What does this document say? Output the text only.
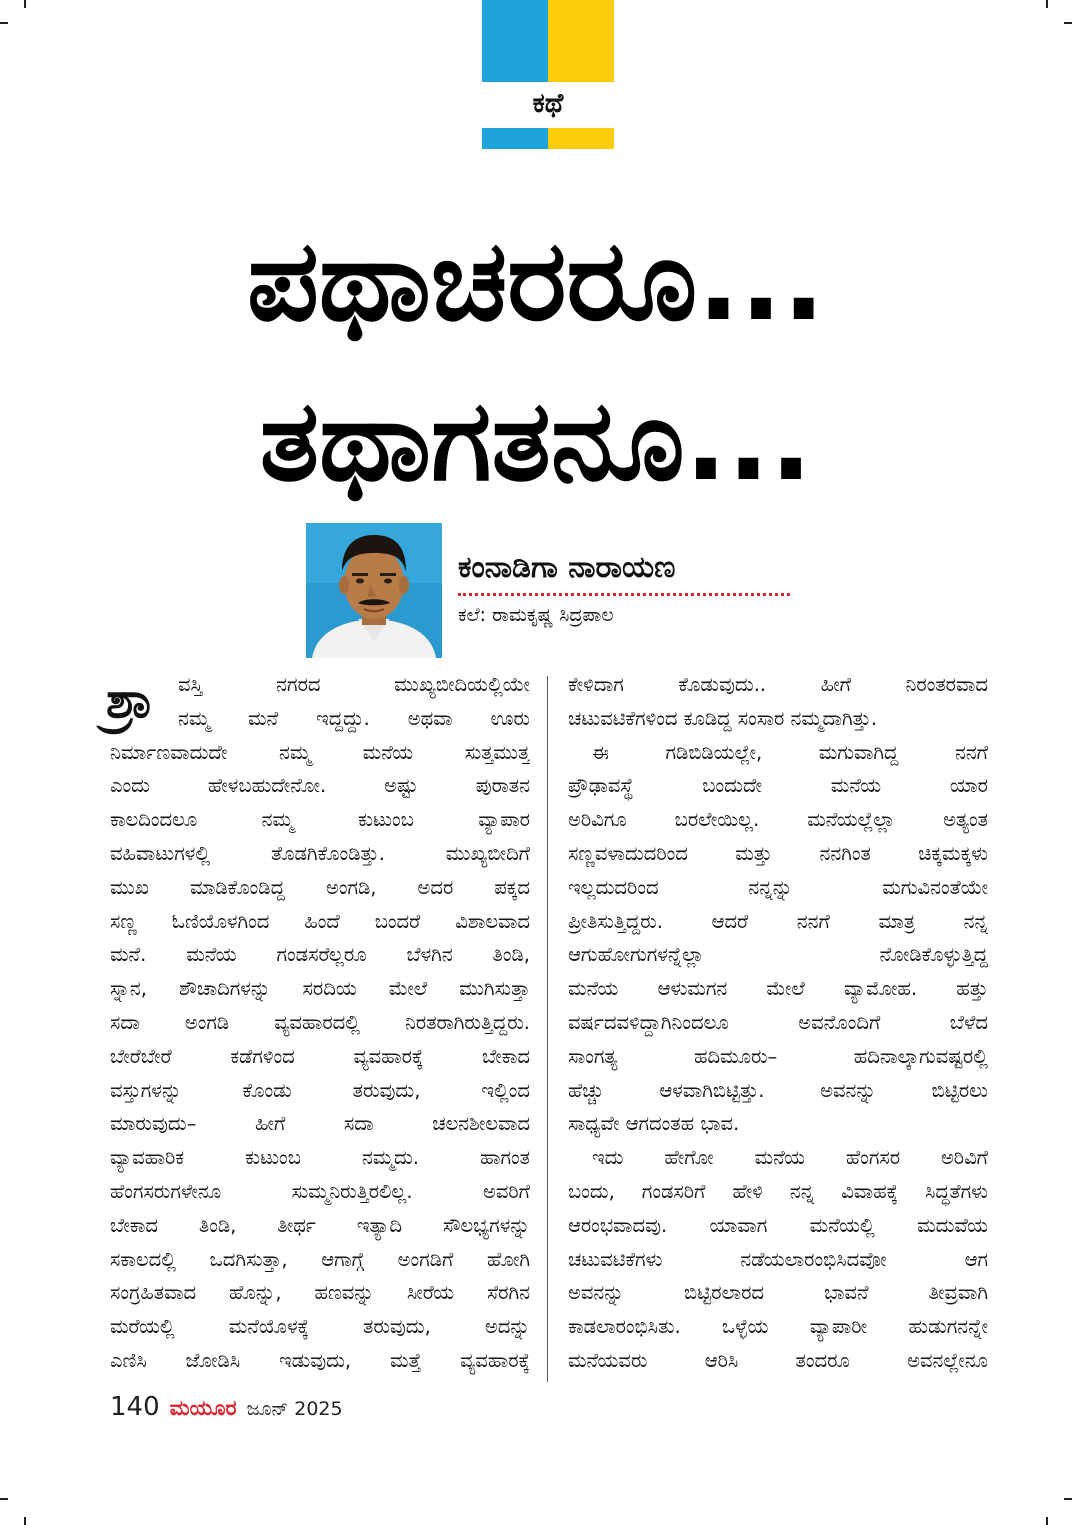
ಕಥೆ
ಪಥಾಚರರೂ...
ತಥಾಗತನೂ...
ಕಂನಾಡಿಗಾ ನಾರಾಯಣ
ಕಲೆ: ರಾಮಕೃಷ್ಣ ಸಿದ್ರಪಾಲ
ಶ್ರಾ	ವಸ್ತಿ ನಗರದ ಮುಖ್ಯಬೀದಿಯಲ್ಲಿಯೇ
ನಮ್ಮ ಮನೆ ಇದ್ದದ್ದು. ಅಥವಾ ಊರು
ನಿರ್ಮಾಣವಾದುದೇ ನಮ್ಮ ಮನೆಯ ಸುತ್ತಮುತ್ತ
ಎಂದು ಹೇಳಬಹುದೇನೋ. ಅಷ್ಟು ಪುರಾತನ
ಕಾಲದಿಂದಲೂ ನಮ್ಮ ಕುಟುಂಬ ವ್ಯಾಪಾರ
ವಹಿವಾಟುಗಳಲ್ಲಿ ತೊಡಗಿಕೊಂಡಿತ್ತು. ಮುಖ್ಯಬೀದಿಗೆ
ಮುಖ ಮಾಡಿಕೊಂಡಿದ್ದ ಅಂಗಡಿ, ಅದರ ಪಕ್ಕದ
ಸಣ್ಣ ಓಣಿಯೊಳಗಿಂದ ಹಿಂದೆ ಬಂದರೆ ವಿಶಾಲವಾದ
ಮನೆ. ಮನೆಯ ಗಂಡಸರೆಲ್ಲರೂ ಬೆಳಗಿನ ತಿಂಡಿ,
ಸ್ನಾನ, ಶೌಚಾದಿಗಳನ್ನು ಸರದಿಯ ಮೇಲೆ ಮುಗಿಸುತ್ತಾ
ಸದಾ ಅಂಗಡಿ ವ್ಯವಹಾರದಲ್ಲಿ ನಿರತರಾಗಿರುತ್ತಿದ್ದರು.
ಬೇರೆಬೇರೆ ಕಡೆಗಳಿಂದ ವ್ಯವಹಾರಕ್ಕೆ ಬೇಕಾದ
ವಸ್ತುಗಳನ್ನು ಕೊಂಡು ತರುವುದು, ಇಲ್ಲಿಂದ
ಮಾರುವುದು– ಹೀಗೆ ಸದಾ ಚಲನಶೀಲವಾದ
ವ್ಯಾವಹಾರಿಕ ಕುಟುಂಬ ನಮ್ಮದು. ಹಾಗಂತ
ಹೆಂಗಸರುಗಳೇನೂ ಸುಮ್ಮನಿರುತ್ತಿರಲಿಲ್ಲ. ಅವರಿಗೆ
ಬೇಕಾದ ತಿಂಡಿ, ತೀರ್ಥ ಇತ್ಯಾದಿ ಸೌಲಭ್ಯಗಳನ್ನು
ಸಕಾಲದಲ್ಲಿ ಒದಗಿಸುತ್ತಾ, ಆಗಾಗ್ಗೆ ಅಂಗಡಿಗೆ ಹೋಗಿ
ಸಂಗ್ರಹಿತವಾದ ಹೊನ್ನು, ಹಣವನ್ನು ಸೀರೆಯ ಸೆರಗಿನ
ಮರೆಯಲ್ಲಿ ಮನೆಯೊಳಕ್ಕೆ ತರುವುದು, ಅದನ್ನು
ಎಣಿಸಿ ಜೋಡಿಸಿ ಇಡುವುದು, ಮತ್ತೆ ವ್ಯವಹಾರಕ್ಕೆ
ಕೇಳಿದಾಗ ಕೊಡುವುದು.. ಹೀಗೆ ನಿರಂತರವಾದ
ಚಟುವಟಿಕೆಗಳಿಂದ ಕೂಡಿದ್ದ ಸಂಸಾರ ನಮ್ಮದಾಗಿತ್ತು.
ಈ ಗಡಿಬಿಡಿಯಲ್ಲೇ, ಮಗುವಾಗಿದ್ದ ನನಗೆ
ಪ್ರೌಢಾವಸ್ಥೆ ಬಂದುದೇ ಮನೆಯ ಯಾರ
ಅರಿವಿಗೂ ಬರಲೇಯಿಲ್ಲ. ಮನೆಯಲ್ಲೆಲ್ಲಾ ಅತ್ಯಂತ
ಸಣ್ಣವಳಾದುದರಿಂದ ಮತ್ತು ನನಗಿಂತ ಚಿಕ್ಕಮಕ್ಕಳು
ಇಲ್ಲದುದರಿಂದ ನನ್ನನ್ನು ಮಗುವಿನಂತೆಯೇ
ಪ್ರೀತಿಸುತ್ತಿದ್ದರು. ಆದರೆ ನನಗೆ ಮಾತ್ರ ನನ್ನ
ಆಗುಹೋಗುಗಳನ್ನೆಲ್ಲಾ ನೋಡಿಕೊಳ್ಳುತ್ತಿದ್ದ
ಮನೆಯ ಆಳುಮಗನ ಮೇಲೆ ವ್ಯಾಮೋಹ. ಹತ್ತು
ವರ್ಷದವಳಿದ್ದಾಗಿನಿಂದಲೂ ಅವನೊಂದಿಗೆ ಬೆಳೆದ
ಸಾಂಗತ್ಯ ಹದಿಮೂರು– ಹದಿನಾಲ್ಕಾಗುವಷ್ಟರಲ್ಲಿ
ಹೆಚ್ಚು ಆಳವಾಗಿಬಿಟ್ಟಿತ್ತು. ಅವನನ್ನು ಬಿಟ್ಟಿರಲು
ಸಾಧ್ಯವೇ ಆಗದಂತಹ ಭಾವ.
ಇದು ಹೇಗೋ ಮನೆಯ ಹೆಂಗಸರ ಅರಿವಿಗೆ
ಬಂದು, ಗಂಡಸರಿಗೆ ಹೇಳಿ ನನ್ನ ವಿವಾಹಕ್ಕೆ ಸಿದ್ಧತೆಗಳು
ಆರಂಭವಾದವು. ಯಾವಾಗ ಮನೆಯಲ್ಲಿ ಮದುವೆಯ
ಚಟುವಟಿಕೆಗಳು ನಡೆಯಲಾರಂಭಿಸಿದವೋ ಆಗ
ಅವನನ್ನು ಬಿಟ್ಟಿರಲಾರದ ಭಾವನೆ ತೀವ್ರವಾಗಿ
ಕಾಡಲಾರಂಭಿಸಿತು. ಒಳ್ಳೆಯ ವ್ಯಾಪಾರೀ ಹುಡುಗನನ್ನೇ
ಮನೆಯವರು ಆರಿಸಿ ತಂದರೂ ಅವನಲ್ಲೇನೂ
140 ಮಯೂರ ಜೂನ್ 2025
